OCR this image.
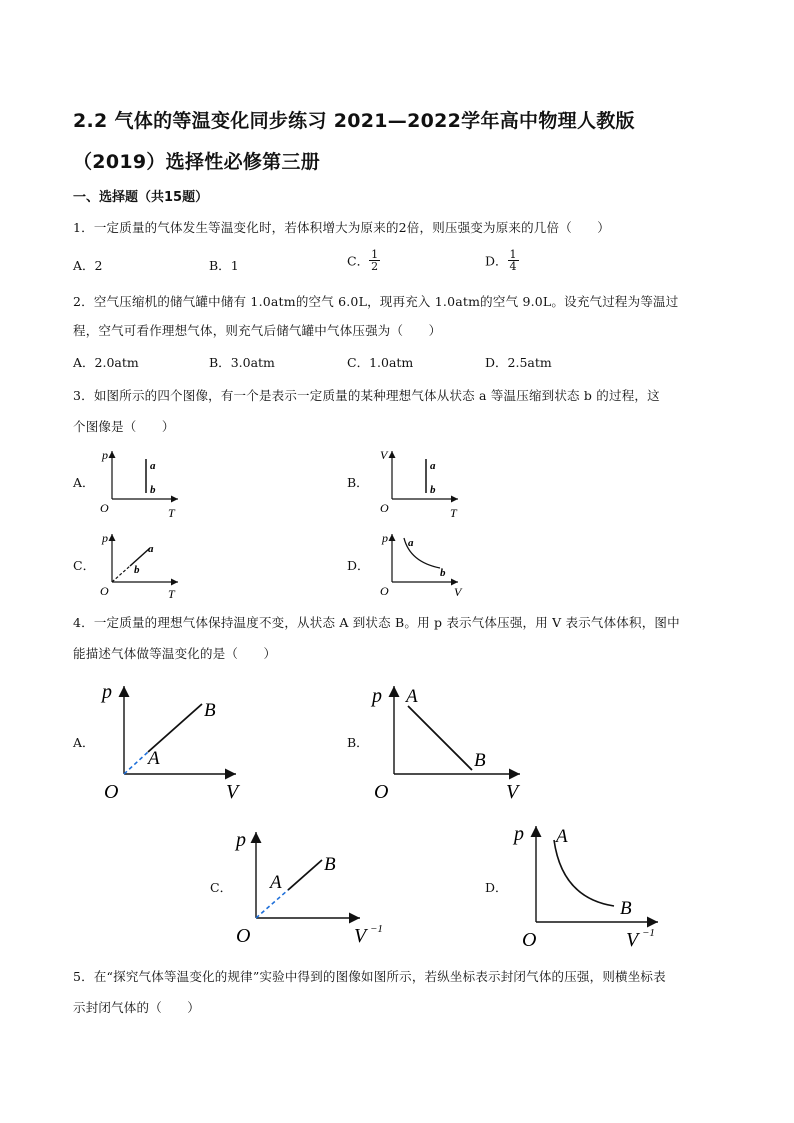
2.2 气体的等温变化同步练习 2021—2022学年高中物理人教版
（2019）选择性必修第三册
一、选择题（共15题）
1．一定质量的气体发生等温变化时，若体积增大为原来的2倍，则压强变为原来的几倍（　　）
A．2	B．1	C． $\frac{1}{2}$	D． $\frac{1}{4}$
2．空气压缩机的储气罐中储有 1.0atm的空气 6.0L，现再充入 1.0atm的空气 9.0L。设充气过程为等温过
程，空气可看作理想气体，则充气后储气罐中气体压强为（　　）
A．2.0atm	B．3.0atm	C．1.0atm	D．2.5atm
3．如图所示的四个图像，有一个是表示一定质量的某种理想气体从状态 a 等温压缩到状态 b 的过程，这
个图像是（　　）
A．	B．
C．	D．
p
O	T
a
b
V
O	T
a
b
p
O	T
a
b
p
O	V
a
b
4．一定质量的理想气体保持温度不变，从状态 A 到状态 B。用 p 表示气体压强，用 V 表示气体体积，图中
能描述气体做等温变化的是（　　）
A．	B．
C．	D．
p
O	V
A
B
p
O	V
A
B
p
O	V −1
A
B
p
O	V −1
A
B
5．在“探究气体等温变化的规律”实验中得到的图像如图所示，若纵坐标表示封闭气体的压强，则横坐标表
示封闭气体的（　　）
